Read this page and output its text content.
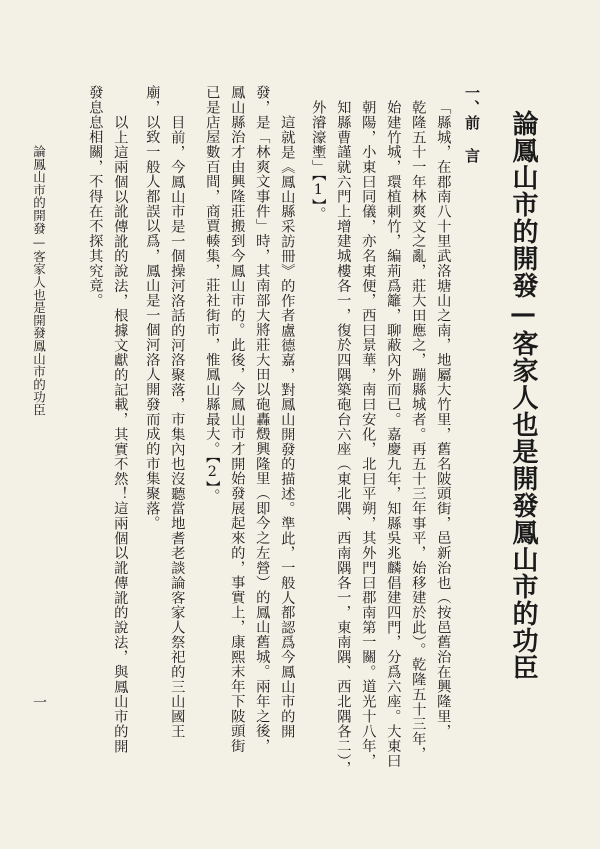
論鳳山市的開發—客家人也是開發鳳山市的功臣
一、前 言
「縣城，在郡南八十里武洛塘山之南，地屬大竹里，舊名陂頭街，邑新治也（按邑舊治在興隆里，
乾隆五十一年林爽文之亂，莊大田應之，蹦縣城者。再五十三年事平，始移建於此）。乾隆五十三年，
始建竹城，環植刺竹，編荊爲籬，聊蔽內外而已。嘉慶九年，知縣吳兆麟倡建四門，分爲六座。大東曰
朝陽，小東曰同儀，亦名東便，西曰景華，南曰安化，北曰平朔，其外門曰郡南第一關。道光十八年，
知縣曹謹就六門上增建城樓各一，復於四隅築砲台六座（東北隅、西南隅各一，東南隅、西北隅各二），
外濬濠壍」【1】。
這就是《鳳山縣采訪冊》的作者盧德嘉，對鳳山開發的描述。準此，一般人都認爲今鳳山市的開
發，是「林爽文事件」時，其南部大將莊大田以砲轟燬興隆里（即今之左營）的鳳山舊城。兩年之後，
鳳山縣治才由興隆莊搬到今鳳山市的。此後，今鳳山市才開始發展起來的，事實上，康熙末年下陂頭街
已是店屋數百間，商賈輳集，莊社街市，惟鳳山縣最大。【2】。
目前，今鳳山市是一個操河洛話的河洛聚落，市集內也沒聽當地耆老談論客家人祭祀的三山國王
廟，以致一般人都誤以爲，鳳山是一個河洛人開發而成的市集聚落。
以上這兩個以訛傳訛的說法，根據文獻的記載，其實不然！這兩個以訛傳訛的說法，與鳳山市的開
發息息相關，不得在不探其究竟。
論鳳山市的開發—客家人也是開發鳳山市的功臣
一
